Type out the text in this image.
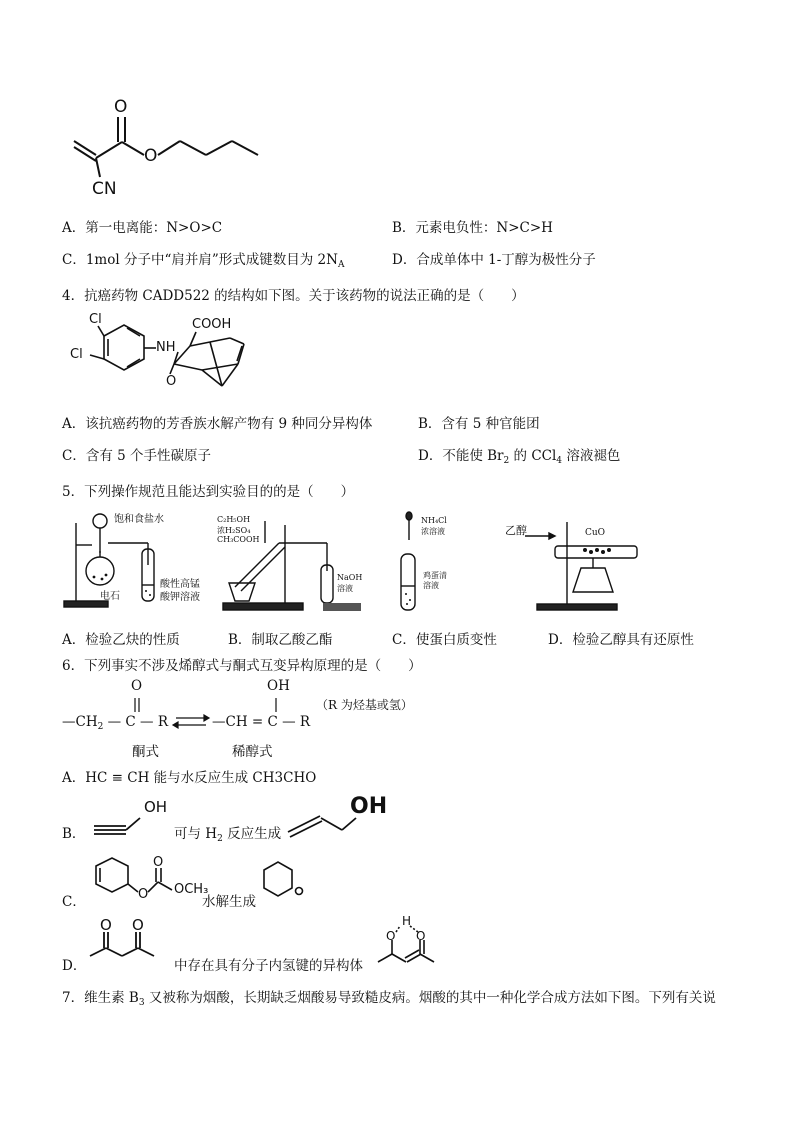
O
O
CN
A．第一电离能：N>O>C	B．元素电负性：N>C>H
C．1mol 分子中“肩并肩”形式成键数目为 $2N_A$	D．合成单体中 1-丁醇为极性分子
4．抗癌药物 CADD522 的结构如下图。关于该药物的说法正确的是（　　）
Cl
Cl	NH
COOH
O
A．该抗癌药物的芳香族水解产物有 9 种同分异构体	B．含有 5 种官能团
C．含有 5 个手性碳原子	D．不能使 $Br_2$ 的 CCl$_4$ 溶液褪色
5．下列操作规范且能达到实验目的的是（　　）
饱和食盐水
电石
酸性高锰
酸钾溶液
C₂H₅OH
浓H₂SO₄
CH₃COOH
NaOH
溶液
NH₄Cl
浓溶液
鸡蛋清
溶液
乙醇	CuO
A．检验乙炔的性质	B．制取乙酸乙酯	C．使蛋白质变性	D．检验乙醇具有还原性
6．下列事实不涉及烯醇式与酮式互变异构原理的是（　　）
O	OH
$—CH_2$ — C — R	—CH = C — R
（R 为烃基或氢）
酮式	稀醇式
A．HC ≡ CH 能与水反应生成 CH3CHO
B．
OH
可与 $H_2$ 反应生成
OH
C．	O
O
OCH₃
水解生成
D．
O O
中存在具有分子内氢键的异构体
O O
H
7．维生素 $B_3$ 又被称为烟酸，长期缺乏烟酸易导致糙皮病。烟酸的其中一种化学合成方法如下图。下列有关说
